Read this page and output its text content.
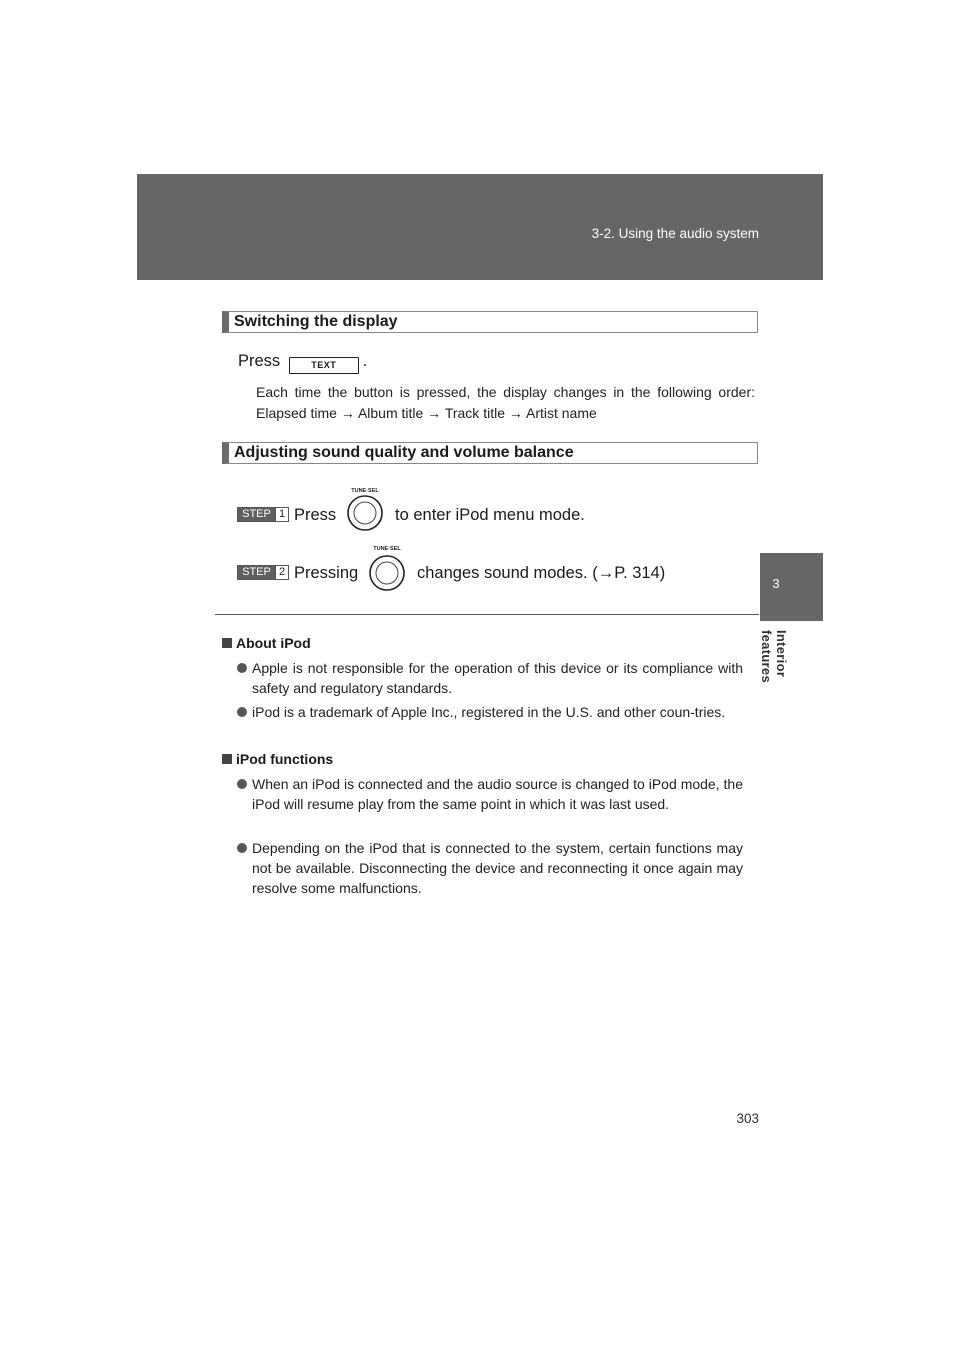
3-2. Using the audio system
3
Interior features
Switching the display
Press	TEXT .
Each time the button is pressed, the display changes in the following order: Elapsed time → Album title → Track title → Artist name
Adjusting sound quality and volume balance
STEP 1 Press
TUNE·SEL
to enter iPod menu mode.
STEP 2 Pressing
TUNE·SEL
changes sound modes. (→P. 314)
About iPod
Apple is not responsible for the operation of this device or its compliance with safety and regulatory standards.
iPod is a trademark of Apple Inc., registered in the U.S. and other coun-tries.
iPod functions
When an iPod is connected and the audio source is changed to iPod mode, the iPod will resume play from the same point in which it was last used.
Depending on the iPod that is connected to the system, certain functions may not be available. Disconnecting the device and reconnecting it once again may resolve some malfunctions.
303
